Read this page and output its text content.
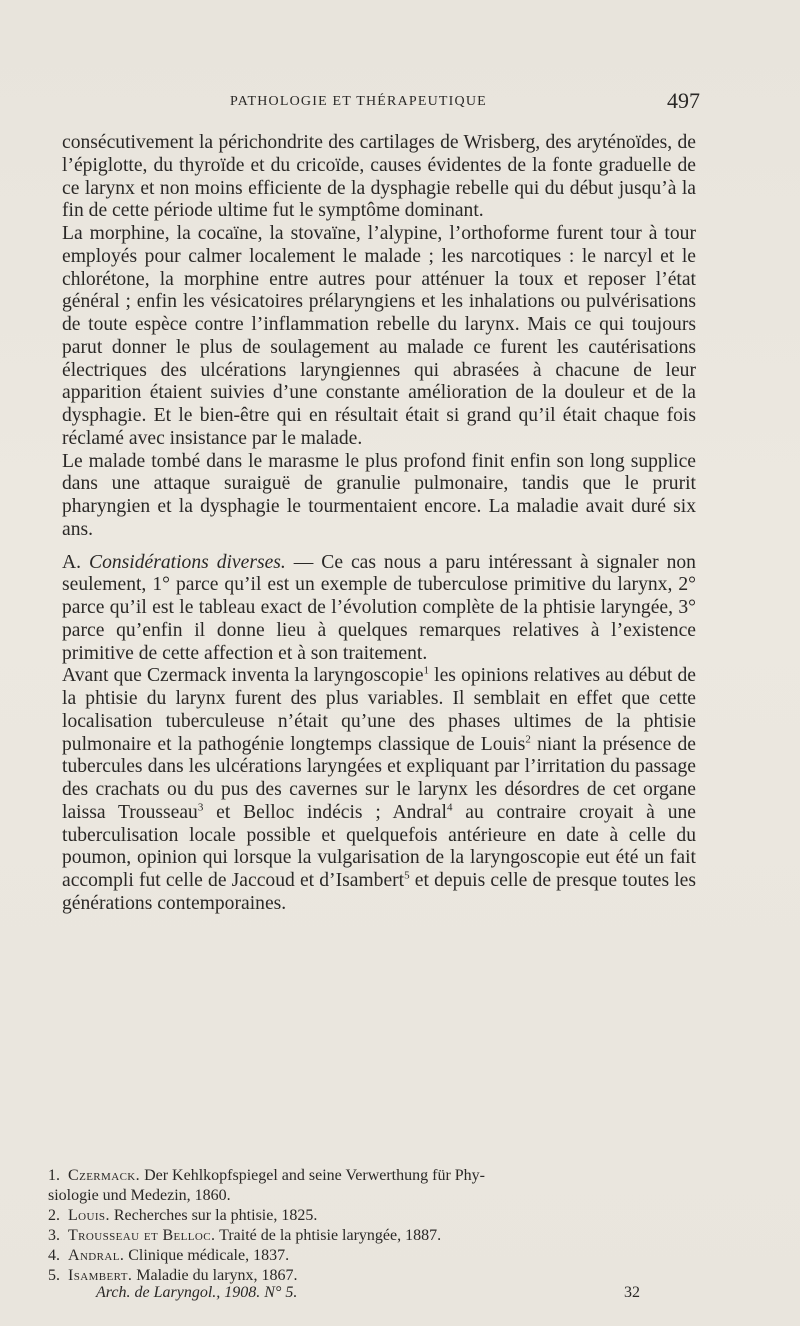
PATHOLOGIE ET THÉRAPEUTIQUE	497

consécutivement la périchondrite des cartilages de Wrisberg, des aryténoïdes, de l’épiglotte, du thyroïde et du cricoïde, causes évidentes de la fonte graduelle de ce larynx et non moins efficiente de la dysphagie rebelle qui du début jusqu’à la fin de cette période ultime fut le symptôme dominant.

La morphine, la cocaïne, la stovaïne, l’alypine, l’orthoforme furent tour à tour employés pour calmer localement le malade ; les narcotiques : le narcyl et le chlorétone, la morphine entre autres pour atténuer la toux et reposer l’état général ; enfin les vésicatoires prélaryngiens et les inhalations ou pulvérisations de toute espèce contre l’inflammation rebelle du larynx. Mais ce qui toujours parut donner le plus de soulagement au malade ce furent les cautérisations électriques des ulcérations laryngiennes qui abrasées à chacune de leur apparition étaient suivies d’une constante amélioration de la douleur et de la dysphagie. Et le bien-être qui en résultait était si grand qu’il était chaque fois réclamé avec insistance par le malade.

Le malade tombé dans le marasme le plus profond finit enfin son long supplice dans une attaque suraiguë de granulie pulmonaire, tandis que le prurit pharyngien et la dysphagie le tourmentaient encore. La maladie avait duré six ans.

A. Considérations diverses. — Ce cas nous a paru intéressant à signaler non seulement, 1° parce qu’il est un exemple de tuberculose primitive du larynx, 2° parce qu’il est le tableau exact de l’évolution complète de la phtisie laryngée, 3° parce qu’enfin il donne lieu à quelques remarques relatives à l’existence primitive de cette affection et à son traitement.

Avant que Czermack inventa la laryngoscopie$^1$ les opinions relatives au début de la phtisie du larynx furent des plus variables. Il semblait en effet que cette localisation tuberculeuse n’était qu’une des phases ultimes de la phtisie pulmonaire et la pathogénie longtemps classique de Louis$^2$ niant la présence de tubercules dans les ulcérations laryngées et expliquant par l’irritation du passage des crachats ou du pus des cavernes sur le larynx les désordres de cet organe laissa Trousseau$^3$ et Belloc indécis ; Andral$^4$ au contraire croyait à une tuberculisation locale possible et quelquefois antérieure en date à celle du poumon, opinion qui lorsque la vulgarisation de la laryngoscopie eut été un fait accompli fut celle de Jaccoud et d’Isambert$^5$ et depuis celle de presque toutes les générations contemporaines.

1. Czermack. Der Kehlkopfspiegel and seine Verwerthung für Phy-
siologie und Medezin, 1860.
2. Louis. Recherches sur la phtisie, 1825.
3. Trousseau et Belloc. Traité de la phtisie laryngée, 1887.
4. Andral. Clinique médicale, 1837.
5. Isambert. Maladie du larynx, 1867.
Arch. de Laryngol., 1908. N° 5.	32
